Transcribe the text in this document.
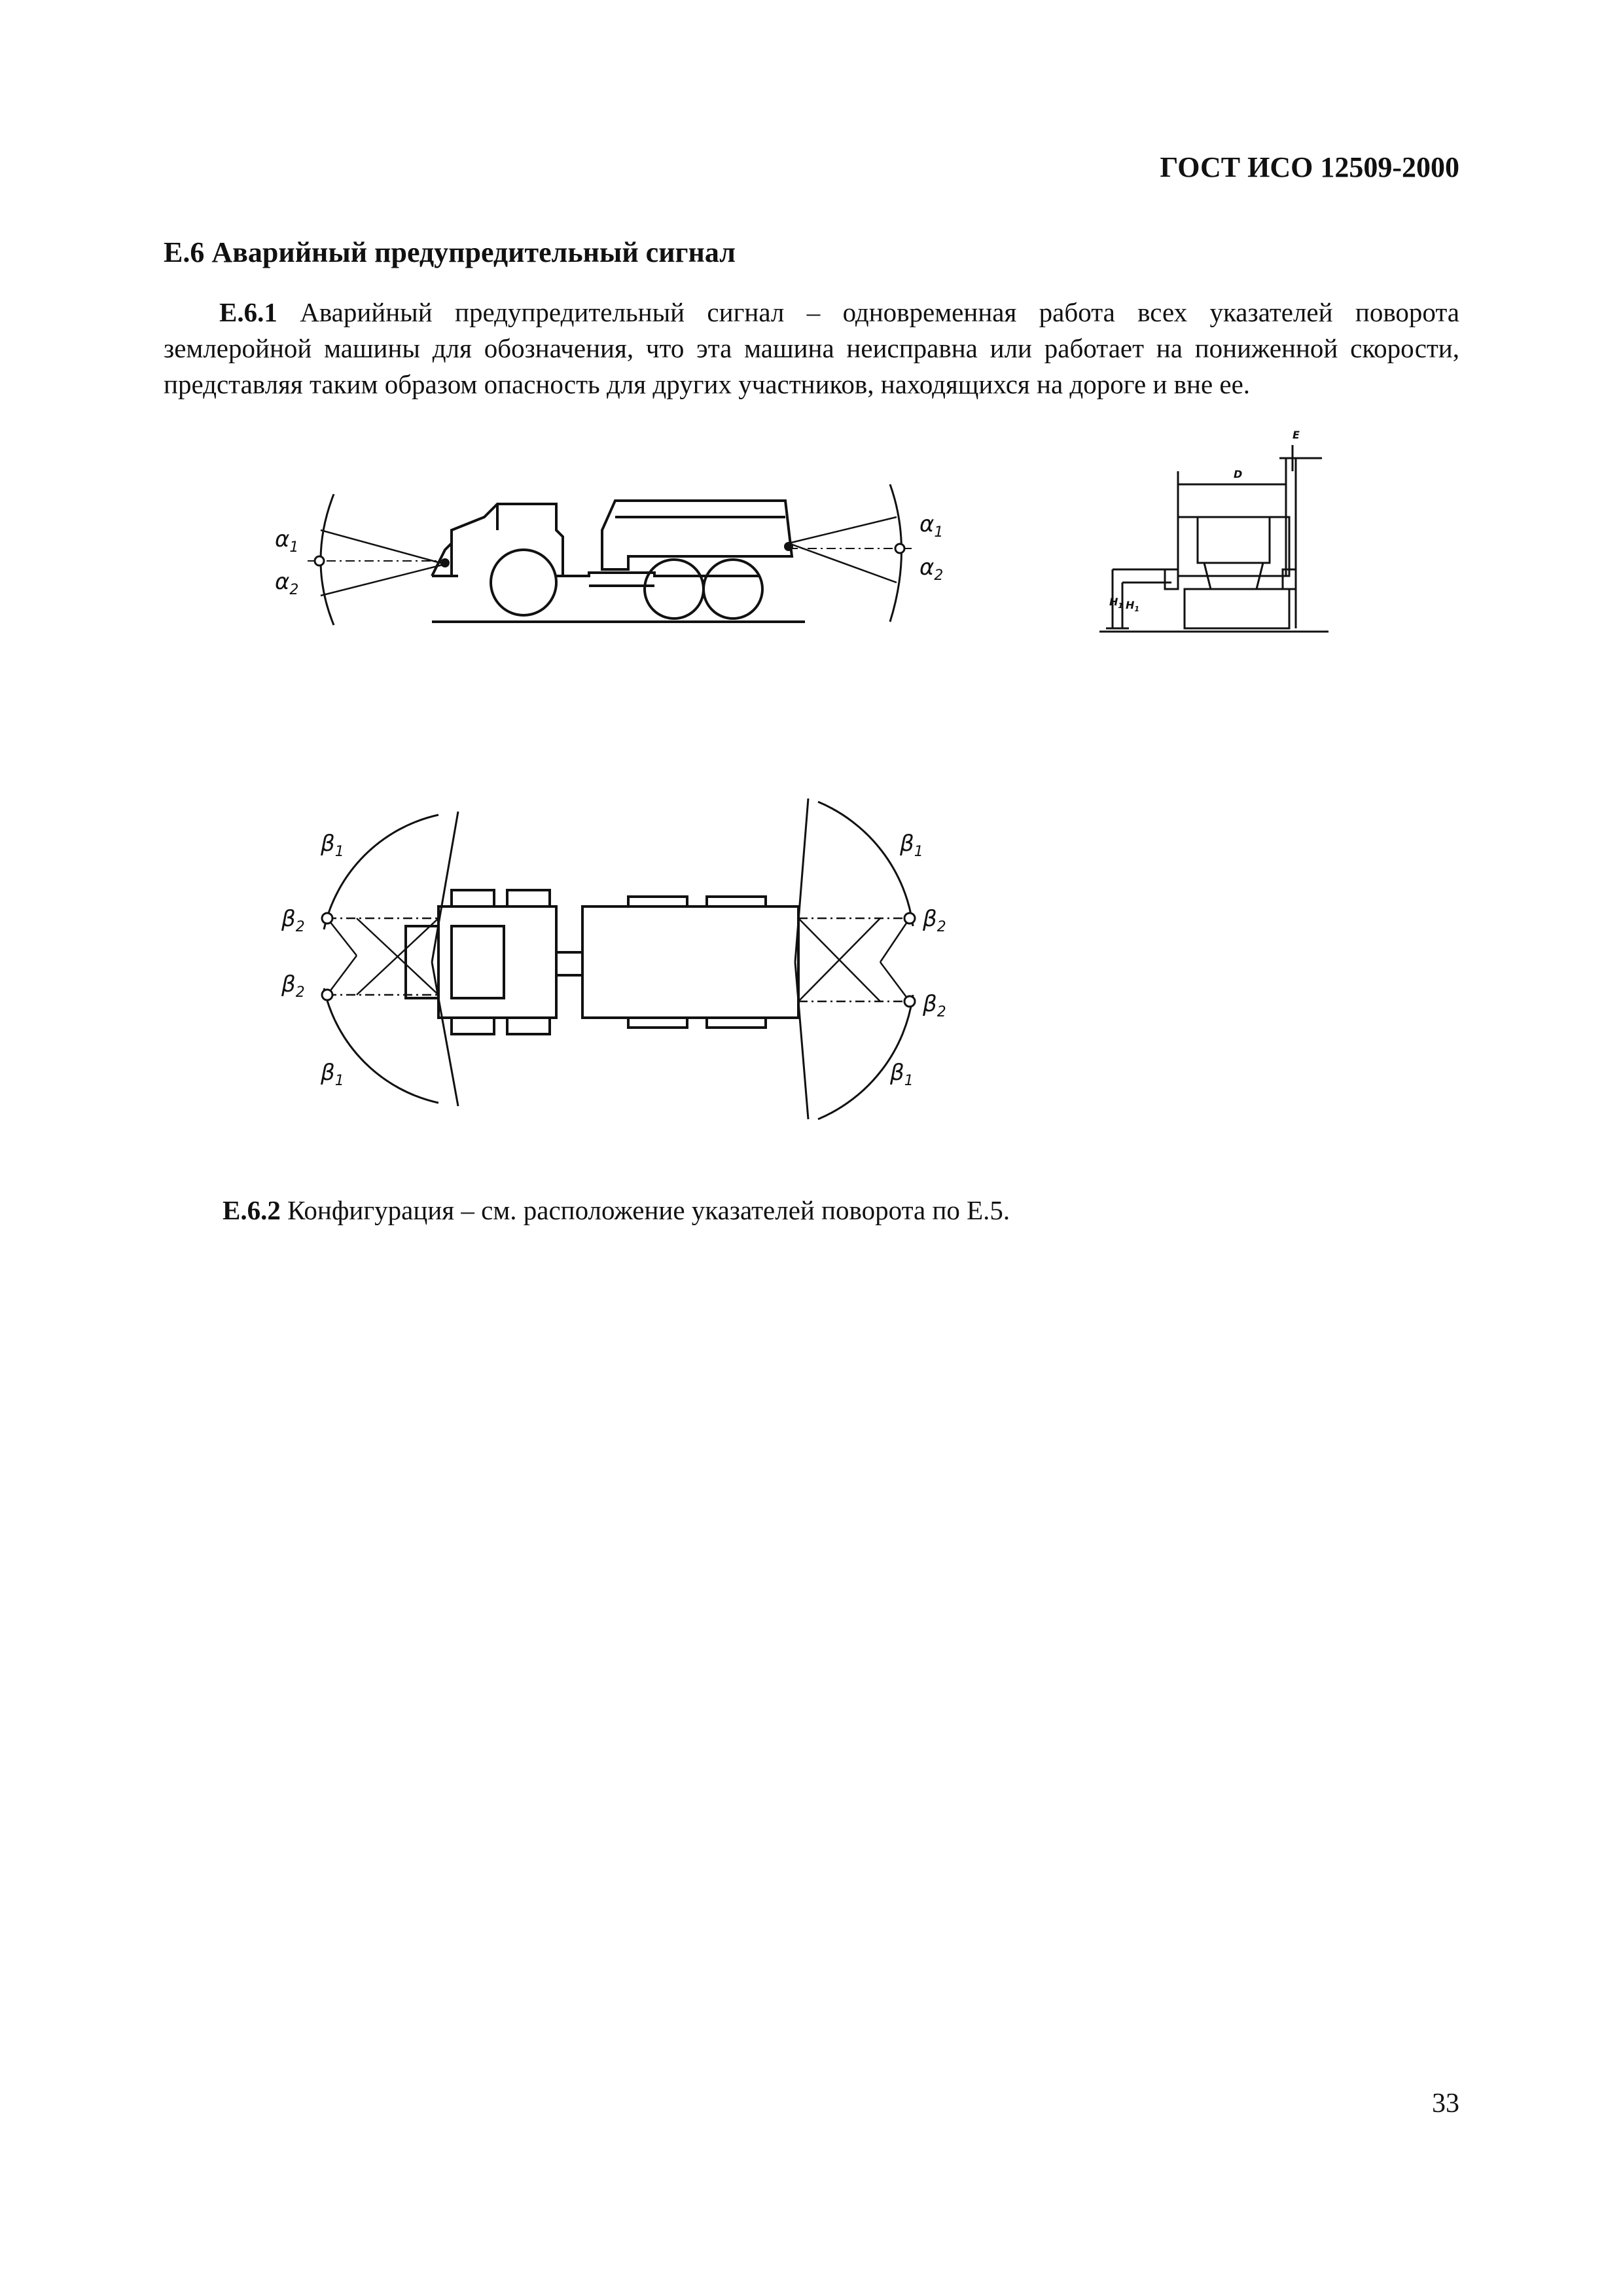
ГОСТ ИСО 12509-2000
Е.6 Аварийный предупредительный сигнал
Е.6.1 Аварийный предупредительный сигнал – одновременная работа всех указателей поворота землеройной машины для обозначения, что эта машина неисправна или работает на пониженной скорости, представляя таким образом опасность для других участников, находящихся на дороге и вне ее.
$\alpha_1$
$\alpha_2$
$\alpha_1$
$\alpha_2$
E
D
$H_1$ $H_1$
$\beta_1$
$\beta_2$
$\beta_2$
$\beta_1$
$\beta_1$
$\beta_2$
$\beta_2$
$\beta_1$
Е.6.2 Конфигурация – см. расположение указателей поворота по Е.5.
33
